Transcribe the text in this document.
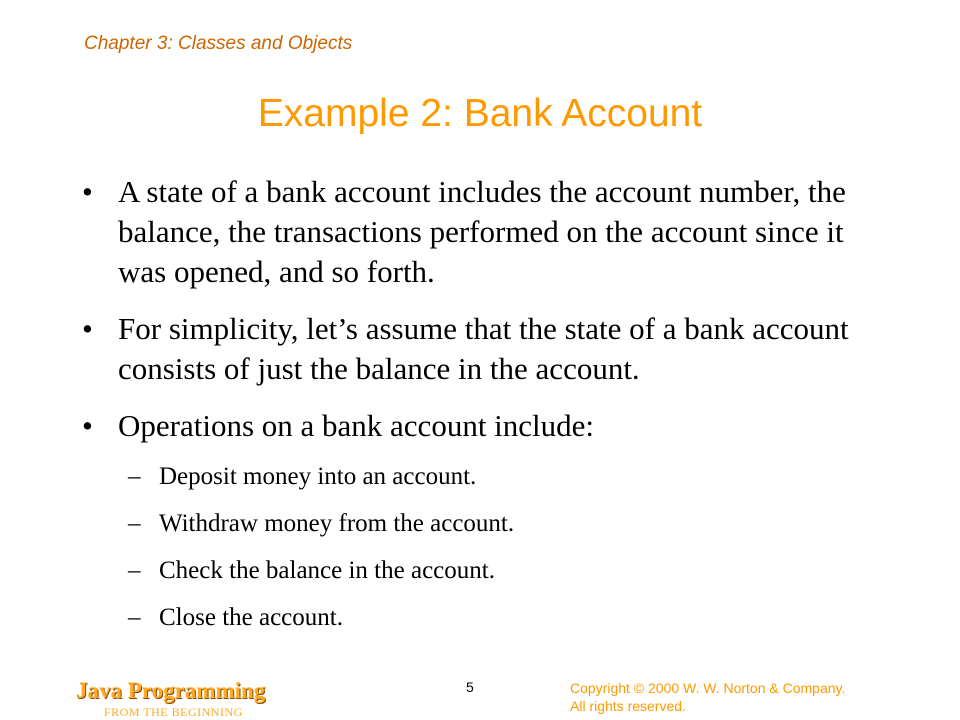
Chapter 3: Classes and Objects
Example 2: Bank Account
• A state of a bank account includes the account number, the balance, the transactions performed on the account since it was opened, and so forth.
• For simplicity, let’s assume that the state of a bank account consists of just the balance in the account.
• Operations on a bank account include:
– Deposit money into an account.
– Withdraw money from the account.
– Check the balance in the account.
– Close the account.
Java Programming
FROM THE BEGINNING
5	Copyright © 2000 W. W. Norton & Company.
All rights reserved.
